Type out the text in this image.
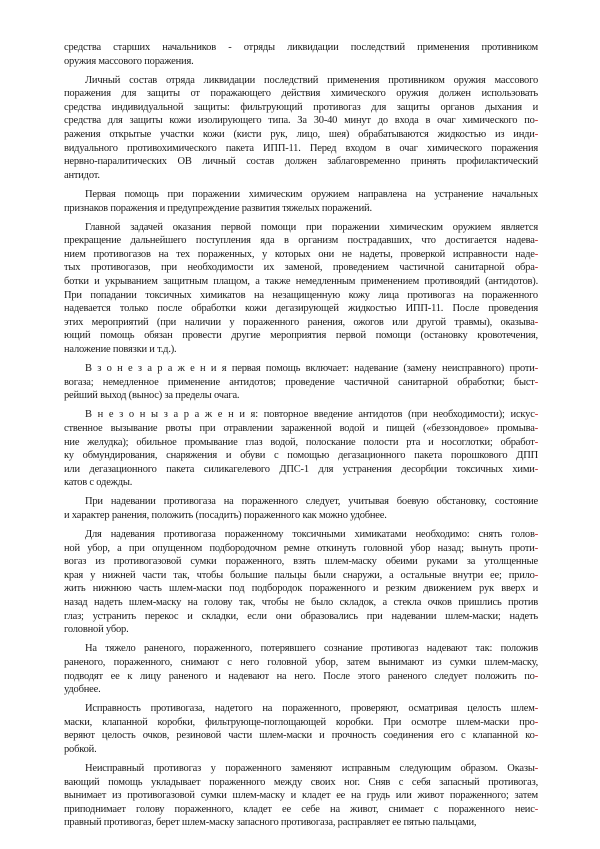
средства старших начальников - отряды ликвидации последствий применения противником
оружия массового поражения.
Личный состав отряда ликвидации последствий применения противником оружия массового
поражения для защиты от поражающего действия химического оружия должен использовать
средства индивидуальной защиты: фильтрующий противогаз для защиты органов дыхания и
средства для защиты кожи изолирующего типа. За 30-40 минут до входа в очаг химического по-
ражения открытые участки кожи (кисти рук, лицо, шея) обрабатываются жидкостью из инди-
видуального противохимического пакета ИПП-11. Перед входом в очаг химического поражения
нервно-паралитических ОВ личный состав должен заблаговременно принять профилактический
антидот.
Первая помощь при поражении химическим оружием направлена на устранение начальных
признаков поражения и предупреждение развития тяжелых поражений.
Главной задачей оказания первой помощи при поражении химическим оружием является
прекращение дальнейшего поступления яда в организм пострадавших, что достигается надева-
нием противогазов на тех пораженных, у которых они не надеты, проверкой исправности наде-
тых противогазов, при необходимости их заменой, проведением частичной санитарной обра-
ботки и укрыванием защитным плащом, а также немедленным применением противоядий (антидотов).
При попадании токсичных химикатов на незащищенную кожу лица противогаз на пораженного
надевается только после обработки кожи дегазирующей жидкостью ИПП-11. После проведения
этих мероприятий (при наличии у пораженного ранения, ожогов или другой травмы), оказыва-
ющий помощь обязан провести другие мероприятия первой помощи (остановку кровотечения,
наложение повязки и т.д.).
В з о н е з а р а ж е н и я первая помощь включает: надевание (замену неисправного) проти-
вогаза; немедленное применение антидотов; проведение частичной санитарной обработки; быст-
рейший выход (вынос) за пределы очага.
В н е з о н ы з а р а ж е н и я: повторное введение антидотов (при необходимости); искус-
ственное вызывание рвоты при отравлении зараженной водой и пищей («беззондовое» промыва-
ние желудка); обильное промывание глаз водой, полоскание полости рта и носоглотки; обработ-
ку обмундирования, снаряжения и обуви с помощью дегазационного пакета порошкового ДПП
или дегазационного пакета силикагелевого ДПС-1 для устранения десорбции токсичных хими-
катов с одежды.
При надевании противогаза на пораженного следует, учитывая боевую обстановку, состояние
и характер ранения, положить (посадить) пораженного как можно удобнее.
Для надевания противогаза пораженному токсичными химикатами необходимо: снять голов-
ной убор, а при опущенном подбородочном ремне откинуть головной убор назад; вынуть проти-
вогаз из противогазовой сумки пораженного, взять шлем-маску обеими руками за утолщенные
края у нижней части так, чтобы большие пальцы были снаружи, а остальные внутри ее; прило-
жить нижнюю часть шлем-маски под подбородок пораженного и резким движением рук вверх и
назад надеть шлем-маску на голову так, чтобы не было складок, а стекла очков пришлись против
глаз; устранить перекос и складки, если они образовались при надевании шлем-маски; надеть
головной убор.
На тяжело раненого, пораженного, потерявшего сознание противогаз надевают так: положив
раненого, пораженного, снимают с него головной убор, затем вынимают из сумки шлем-маску,
подводят ее к лицу раненого и надевают на него. После этого раненого следует положить по-
удобнее.
Исправность противогаза, надетого на пораженного, проверяют, осматривая целость шлем-
маски, клапанной коробки, фильтрующе-поглощающей коробки. При осмотре шлем-маски про-
веряют целость очков, резиновой части шлем-маски и прочность соединения его с клапанной ко-
робкой.
Неисправный противогаз у пораженного заменяют исправным следующим образом. Оказы-
вающий помощь укладывает пораженного между своих ног. Сняв с себя запасный противогаз,
вынимает из противогазовой сумки шлем-маску и кладет ее на грудь или живот пораженного; затем
приподнимает голову пораженного, кладет ее себе на живот, снимает с пораженного неис-
правный противогаз, берет шлем-маску запасного противогаза, расправляет ее пятью пальцами,
